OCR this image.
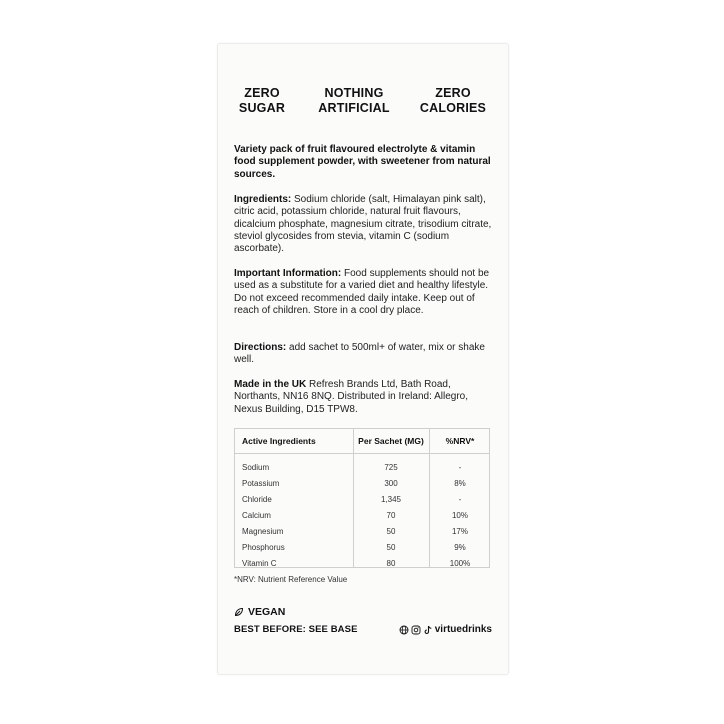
ZERO
SUGAR
NOTHING
ARTIFICIAL
ZERO
CALORIES
Variety pack of fruit flavoured electrolyte & vitamin food supplement powder, with sweetener from natural sources.
Ingredients: Sodium chloride (salt, Himalayan pink salt), citric acid, potassium chloride, natural fruit flavours, dicalcium phosphate, magnesium citrate, trisodium citrate, steviol glycosides from stevia, vitamin C (sodium ascorbate).
Important Information: Food supplements should not be used as a substitute for a varied diet and healthy lifestyle. Do not exceed recommended daily intake. Keep out of reach of children. Store in a cool dry place.
Directions: add sachet to 500ml+ of water, mix or shake well.
Made in the UK Refresh Brands Ltd, Bath Road, Northants, NN16 8NQ. Distributed in Ireland: Allegro, Nexus Building, D15 TPW8.
Active Ingredients	Per Sachet (MG)	%NRV*
Sodium	725	-
Potassium	300	8%
Chloride	1,345	-
Calcium	70	10%
Magnesium	50	17%
Phosphorus	50	9%
Vitamin C	80	100%
*NRV: Nutrient Reference Value
VEGAN
BEST BEFORE: SEE BASE	virtuedrinks
